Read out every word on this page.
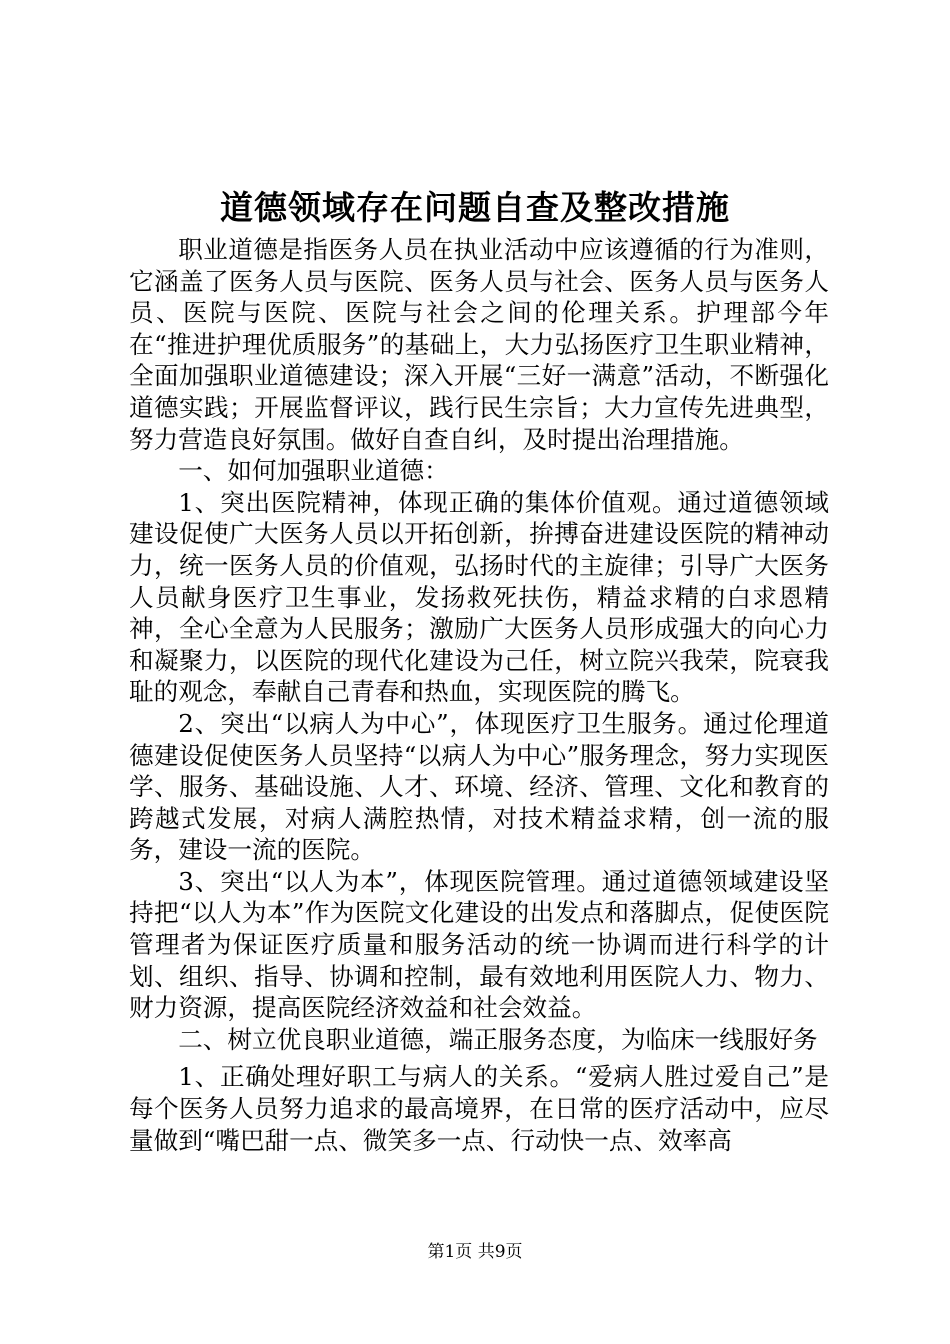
道德领域存在问题自查及整改措施

职业道德是指医务人员在执业活动中应该遵循的行为准则，它涵盖了医务人员与医院、医务人员与社会、医务人员与医务人员、医院与医院、医院与社会之间的伦理关系。护理部今年在“推进护理优质服务”的基础上，大力弘扬医疗卫生职业精神，全面加强职业道德建设；深入开展“三好一满意”活动，不断强化道德实践；开展监督评议，践行民生宗旨；大力宣传先进典型，努力营造良好氛围。做好自查自纠，及时提出治理措施。

一、如何加强职业道德：

1、突出医院精神，体现正确的集体价值观。通过道德领域建设促使广大医务人员以开拓创新，拚搏奋进建设医院的精神动力，统一医务人员的价值观，弘扬时代的主旋律；引导广大医务人员献身医疗卫生事业，发扬救死扶伤，精益求精的白求恩精神，全心全意为人民服务；激励广大医务人员形成强大的向心力和凝聚力，以医院的现代化建设为己任，树立院兴我荣，院衰我耻的观念，奉献自己青春和热血，实现医院的腾飞。

2、突出“以病人为中心”，体现医疗卫生服务。通过伦理道德建设促使医务人员坚持“以病人为中心”服务理念，努力实现医学、服务、基础设施、人才、环境、经济、管理、文化和教育的跨越式发展，对病人满腔热情，对技术精益求精，创一流的服务，建设一流的医院。

3、突出“以人为本”，体现医院管理。通过道德领域建设坚持把“以人为本”作为医院文化建设的出发点和落脚点，促使医院管理者为保证医疗质量和服务活动的统一协调而进行科学的计划、组织、指导、协调和控制，最有效地利用医院人力、物力、财力资源，提高医院经济效益和社会效益。

二、树立优良职业道德，端正服务态度，为临床一线服好务

1、正确处理好职工与病人的关系。“爱病人胜过爱自己”是每个医务人员努力追求的最高境界，在日常的医疗活动中，应尽量做到“嘴巴甜一点、微笑多一点、行动快一点、效率高

第1页 共9页
